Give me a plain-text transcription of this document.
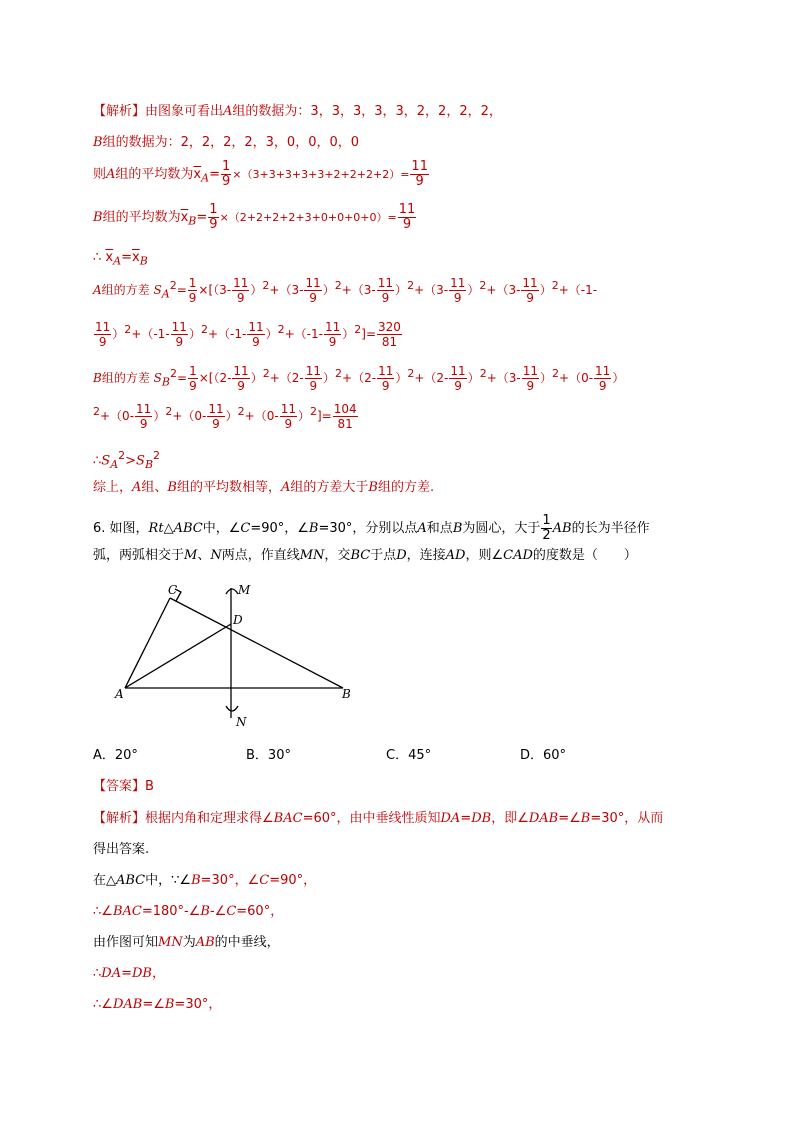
【解析】由图象可看出A组的数据为：3，3，3，3，3，2，2，2，2，
B组的数据为：2，2，2，2，3，0，0，0，0
则A组的平均数为$\overline{x}_A= \frac{1}{9} \times(3+3+3+3+3+2+2+2+2)= \frac{11}{9}$
B组的平均数为$\overline{x}_B= \frac{1}{9} \times(2+2+2+2+3+0+0+0+0)= \frac{11}{9}$
∴ $\overline{x}_A=\overline{x}_B$
A组的方差 $S_A^2= \frac{1}{9} \times[(3- \frac{11}{9} )^2+(3- \frac{11}{9} )^2+(3- \frac{11}{9} )^2+(3- \frac{11}{9} )^2+(3- \frac{11}{9} )^2+(-1-$
$\frac{11}{9} )^2+(-1- \frac{11}{9} )^2+(-1- \frac{11}{9} )^2+(-1- \frac{11}{9} )^2]= \frac{320}{81}$
B组的方差 $S_B^2= \frac{1}{9} \times[(2- \frac{11}{9} )^2+(2- \frac{11}{9} )^2+(2- \frac{11}{9} )^2+(2- \frac{11}{9} )^2+(3- \frac{11}{9} )^2+(0- \frac{11}{9}$ ）
$^2+(0- \frac{11}{9} )^2+(0- \frac{11}{9} )^2+(0- \frac{11}{9} )^2]= \frac{104}{81}$
$\therefore S_A^2>S_B^2$
综上，A组、B组的平均数相等，A组的方差大于B组的方差.
6. 如图，Rt△ABC中，∠C=90°，∠B=30°，分别以点A和点B为圆心，大于 $\frac{1}{2}$ AB的长为半径作
弧，两弧相交于M、N两点，作直线MN，交BC于点D，连接AD，则∠CAD的度数是（　　）
C	M
D
A	B
N
A．20°	B．30°	C．45°	D．60°
【答案】B
【解析】根据内角和定理求得∠BAC=60°，由中垂线性质知DA=DB，即∠DAB=∠B=30°，从而
得出答案.
在△ABC中，∵∠B=30°，∠C=90°，
∴∠BAC=180°-∠B-∠C=60°，
由作图可知MN为AB的中垂线，
∴DA=DB，
∴∠DAB=∠B=30°，
